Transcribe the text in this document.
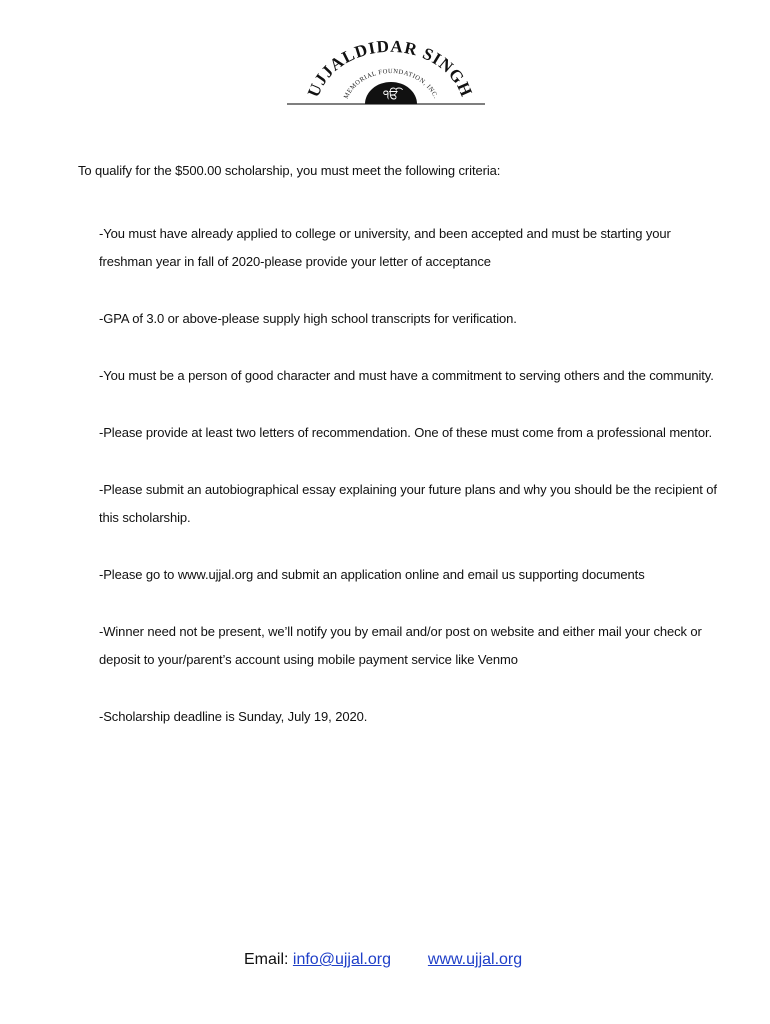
ੴ
UJJALDIDAR SINGH
MEMORIAL FOUNDATION, INC.
To qualify for the $500.00 scholarship, you must meet the following criteria:
-You must have already applied to college or university, and been accepted and must be starting your freshman year in fall of 2020-please provide your letter of acceptance
-GPA of 3.0 or above-please supply high school transcripts for verification.
-You must be a person of good character and must have a commitment to serving others and the community.
-Please provide at least two letters of recommendation. One of these must come from a professional mentor.
-Please submit an autobiographical essay explaining your future plans and why you should be the recipient of this scholarship.
-Please go to www.ujjal.org and submit an application online and email us supporting documents
-Winner need not be present, we’ll notify you by email and/or post on website and either mail your check or deposit to your/parent’s account using mobile payment service like Venmo
-Scholarship deadline is Sunday, July 19, 2020.
Email: info@ujjal.org www.ujjal.org
